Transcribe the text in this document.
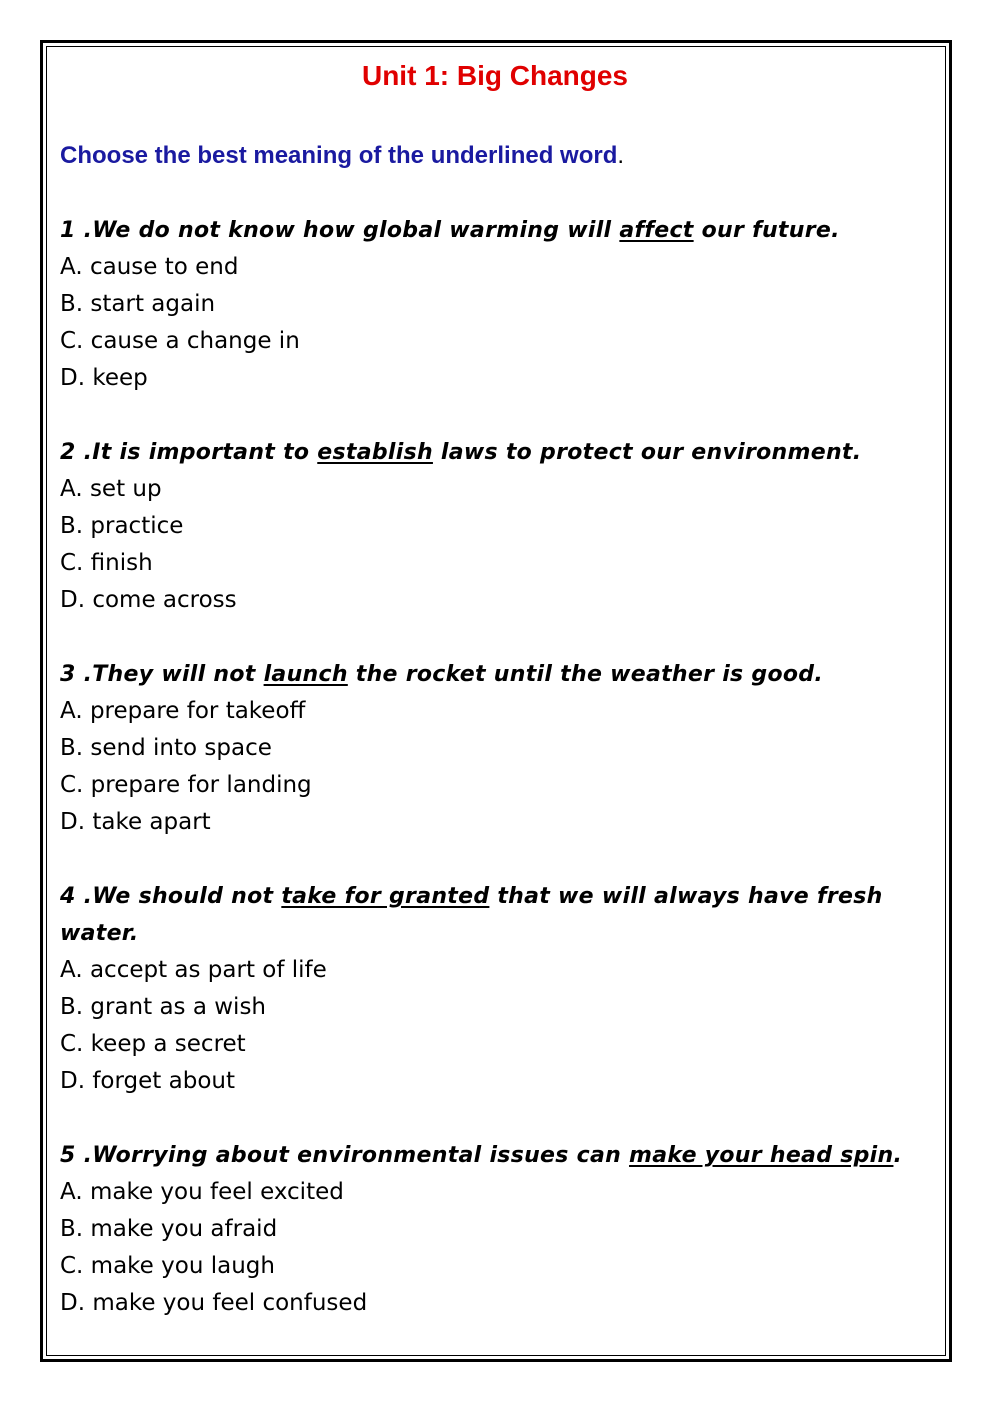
Unit 1: Big Changes
Choose the best meaning of the underlined word.
1 .We do not know how global warming will affect our future.
A. cause to end
B. start again
C. cause a change in
D. keep
2 .It is important to establish laws to protect our environment.
A. set up
B. practice
C. finish
D. come across
3 .They will not launch the rocket until the weather is good.
A. prepare for takeoff
B. send into space
C. prepare for landing
D. take apart
4 .We should not take for granted that we will always have fresh water.
A. accept as part of life
B. grant as a wish
C. keep a secret
D. forget about
5 .Worrying about environmental issues can make your head spin.
A. make you feel excited
B. make you afraid
C. make you laugh
D. make you feel confused
